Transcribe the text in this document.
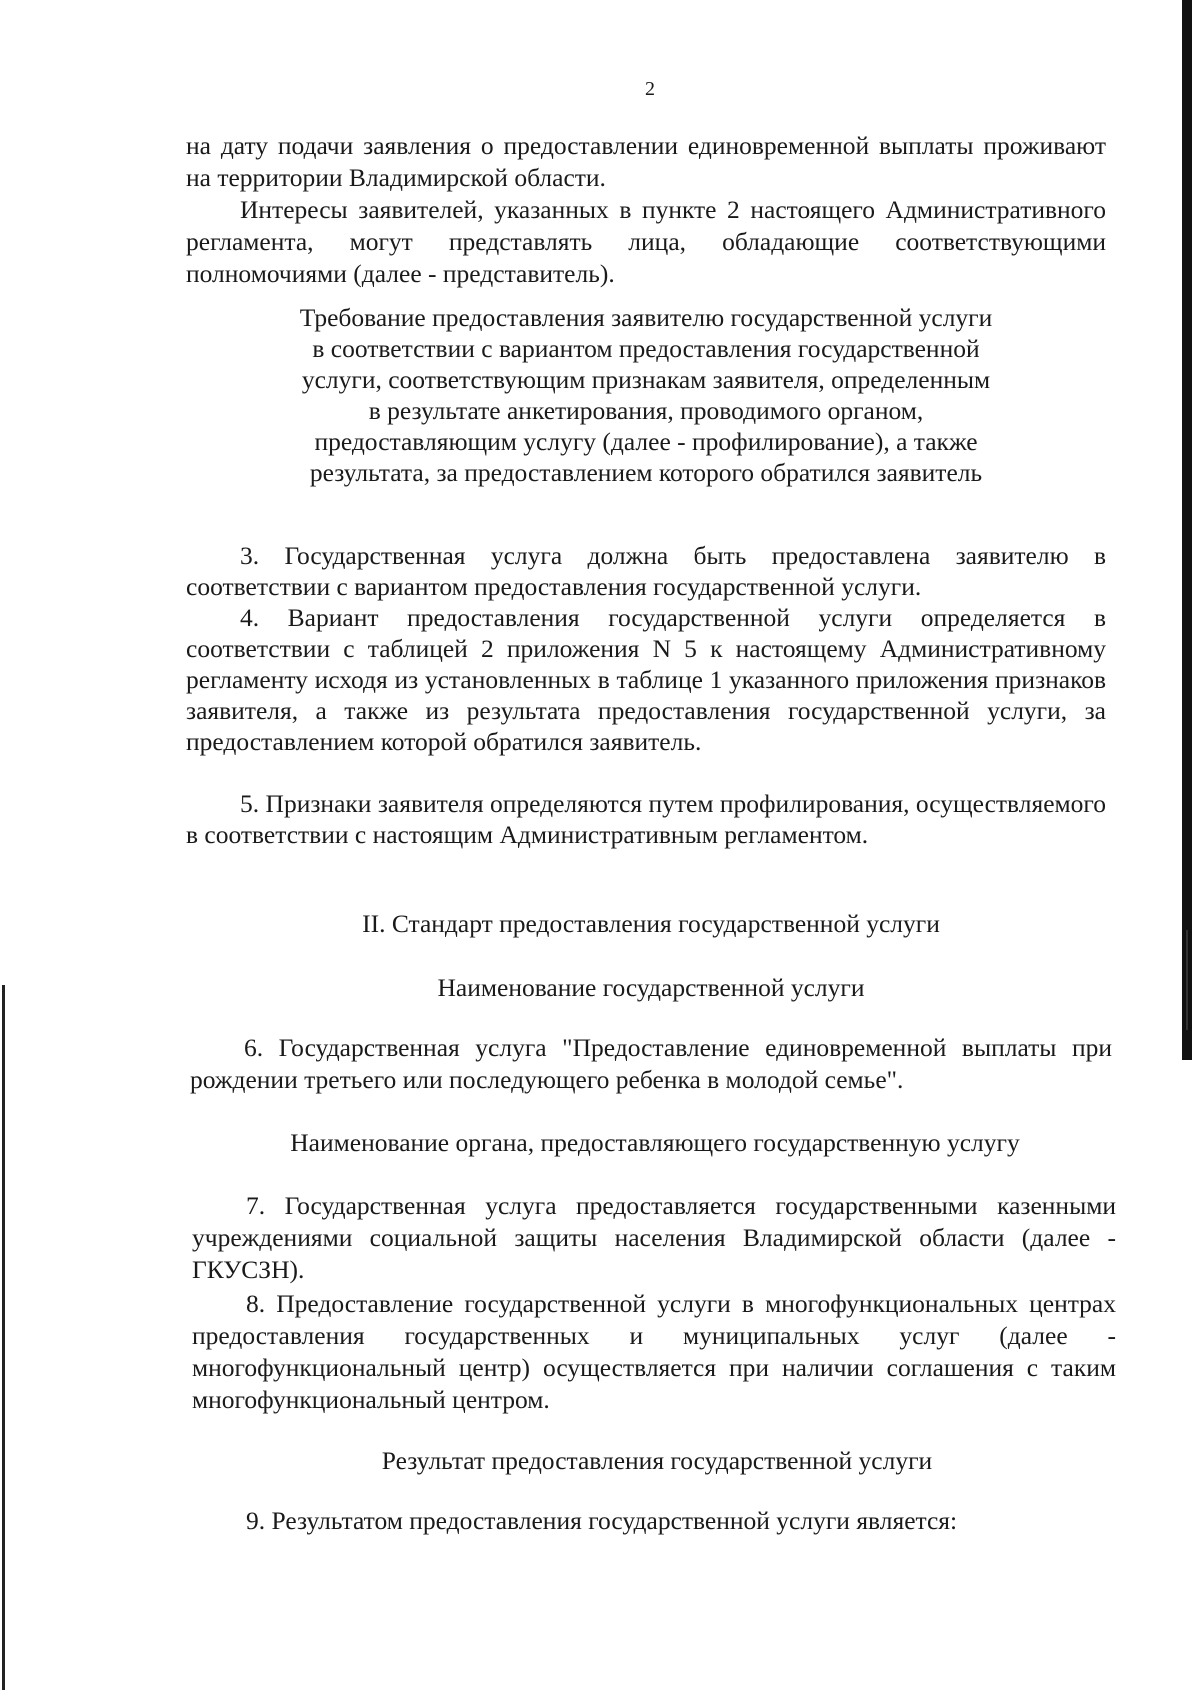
2
на дату подачи заявления о предоставлении единовременной выплаты проживают на территории Владимирской области.
Интересы заявителей, указанных в пункте 2 настоящего Административного регламента, могут представлять лица, обладающие соответствующими полномочиями (далее - представитель).
Требование предоставления заявителю государственной услуги
в соответствии с вариантом предоставления государственной
услуги, соответствующим признакам заявителя, определенным
в результате анкетирования, проводимого органом,
предоставляющим услугу (далее - профилирование), а также
результата, за предоставлением которого обратился заявитель
3. Государственная услуга должна быть предоставлена заявителю в соответствии с вариантом предоставления государственной услуги.
4. Вариант предоставления государственной услуги определяется в соответствии с таблицей 2 приложения N 5 к настоящему Административному регламенту исходя из установленных в таблице 1 указанного приложения признаков заявителя, а также из результата предоставления государственной услуги, за предоставлением которой обратился заявитель.
5. Признаки заявителя определяются путем профилирования, осуществляемого в соответствии с настоящим Административным регламентом.
II. Стандарт предоставления государственной услуги
Наименование государственной услуги
6. Государственная услуга "Предоставление единовременной выплаты при рождении третьего или последующего ребенка в молодой семье".
Наименование органа, предоставляющего государственную услугу
7. Государственная услуга предоставляется государственными казенными учреждениями социальной защиты населения Владимирской области (далее - ГКУСЗН).
8. Предоставление государственной услуги в многофункциональных центрах предоставления государственных и муниципальных услуг (далее - многофункциональный центр) осуществляется при наличии соглашения с таким многофункциональный центром.
Результат предоставления государственной услуги
9. Результатом предоставления государственной услуги является:
